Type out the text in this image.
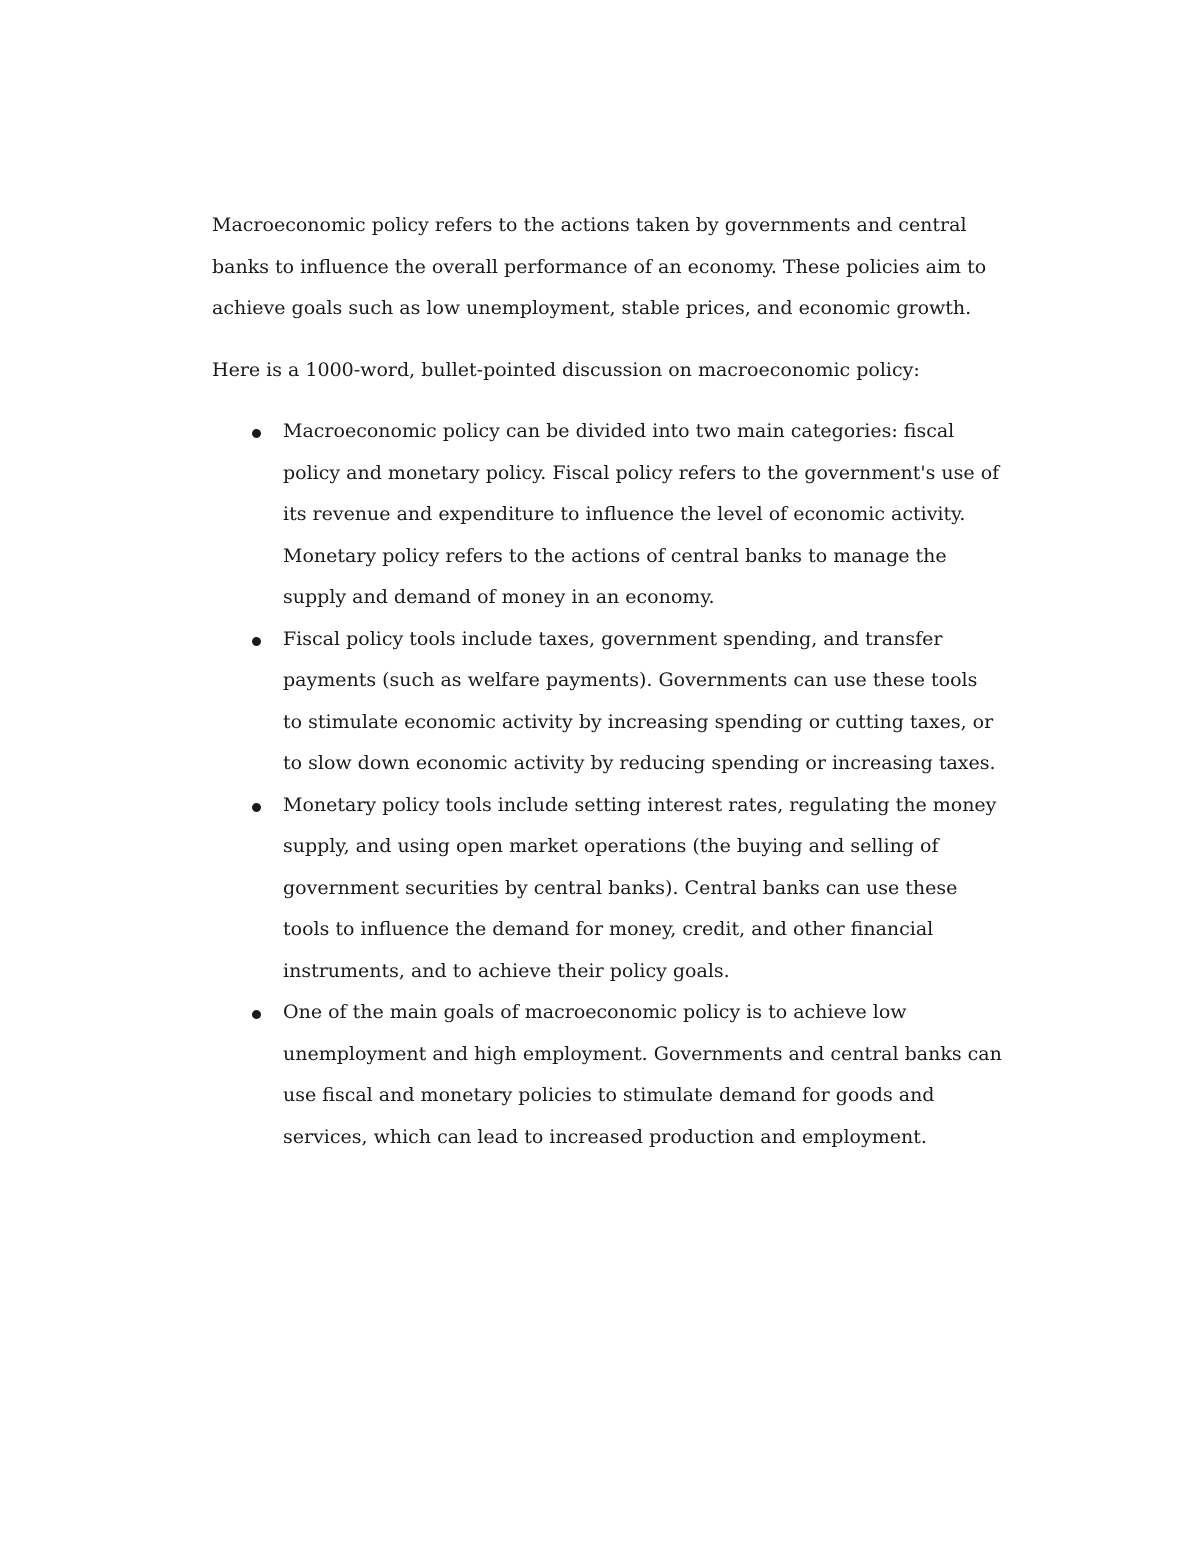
Macroeconomic policy refers to the actions taken by governments and central banks to influence the overall performance of an economy. These policies aim to achieve goals such as low unemployment, stable prices, and economic growth.

Here is a 1000-word, bullet-pointed discussion on macroeconomic policy:

Macroeconomic policy can be divided into two main categories: fiscal policy and monetary policy. Fiscal policy refers to the government's use of its revenue and expenditure to influence the level of economic activity. Monetary policy refers to the actions of central banks to manage the supply and demand of money in an economy.
Fiscal policy tools include taxes, government spending, and transfer payments (such as welfare payments). Governments can use these tools to stimulate economic activity by increasing spending or cutting taxes, or to slow down economic activity by reducing spending or increasing taxes.
Monetary policy tools include setting interest rates, regulating the money supply, and using open market operations (the buying and selling of government securities by central banks). Central banks can use these tools to influence the demand for money, credit, and other financial instruments, and to achieve their policy goals.
One of the main goals of macroeconomic policy is to achieve low unemployment and high employment. Governments and central banks can use fiscal and monetary policies to stimulate demand for goods and services, which can lead to increased production and employment.
